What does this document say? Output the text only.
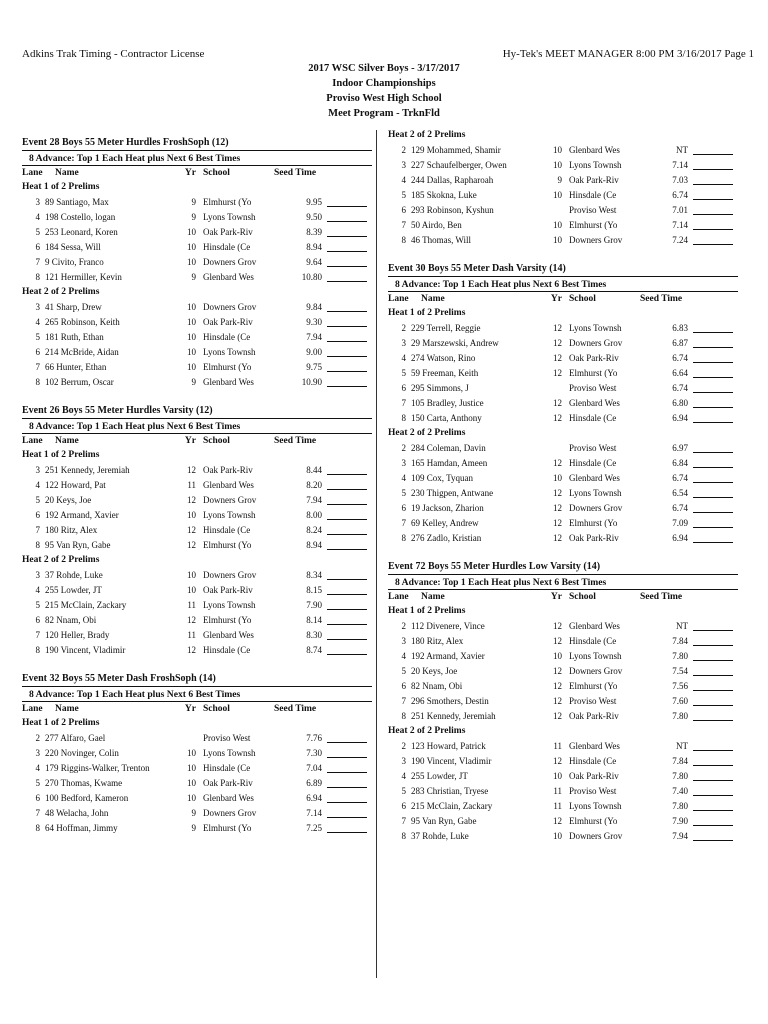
Adkins Trak Timing - Contractor License	Hy-Tek's MEET MANAGER 8:00 PM 3/16/2017 Page 1
2017 WSC Silver Boys - 3/17/2017
Indoor Championships
Proviso West High School
Meet Program - TrknFld
Event 28 Boys 55 Meter Hurdles FroshSoph (12)
8 Advance: Top 1 Each Heat plus Next 6 Best Times
Lane Name	Yr School	Seed Time
Heat 1 of 2 Prelims
3 89 Santiago, Max	9 Elmhurst (Yo	9.95
4 198 Costello, logan	9 Lyons Townsh	9.50
5 253 Leonard, Koren	10 Oak Park-Riv	8.39
6 184 Sessa, Will	10 Hinsdale (Ce	8.94
7 9 Civito, Franco	10 Downers Grov	9.64
8 121 Hermiller, Kevin	9 Glenbard Wes	10.80
Heat 2 of 2 Prelims
3 41 Sharp, Drew	10 Downers Grov	9.84
4 265 Robinson, Keith	10 Oak Park-Riv	9.30
5 181 Ruth, Ethan	10 Hinsdale (Ce	7.94
6 214 McBride, Aidan	10 Lyons Townsh	9.00
7 66 Hunter, Ethan	10 Elmhurst (Yo	9.75
8 102 Berrum, Oscar	9 Glenbard Wes	10.90
Event 26 Boys 55 Meter Hurdles Varsity (12)
8 Advance: Top 1 Each Heat plus Next 6 Best Times
Lane Name	Yr School	Seed Time
Heat 1 of 2 Prelims
3 251 Kennedy, Jeremiah	12 Oak Park-Riv	8.44
4 122 Howard, Pat	11 Glenbard Wes	8.20
5 20 Keys, Joe	12 Downers Grov	7.94
6 192 Armand, Xavier	10 Lyons Townsh	8.00
7 180 Ritz, Alex	12 Hinsdale (Ce	8.24
8 95 Van Ryn, Gabe	12 Elmhurst (Yo	8.94
Heat 2 of 2 Prelims
3 37 Rohde, Luke	10 Downers Grov	8.34
4 255 Lowder, JT	10 Oak Park-Riv	8.15
5 215 McClain, Zackary	11 Lyons Townsh	7.90
6 82 Nnam, Obi	12 Elmhurst (Yo	8.14
7 120 Heller, Brady	11 Glenbard Wes	8.30
8 190 Vincent, Vladimir	12 Hinsdale (Ce	8.74
Event 32 Boys 55 Meter Dash FroshSoph (14)
8 Advance: Top 1 Each Heat plus Next 6 Best Times
Lane Name	Yr School	Seed Time
Heat 1 of 2 Prelims
2 277 Alfaro, Gael	Proviso West	7.76
3 220 Novinger, Colin	10 Lyons Townsh	7.30
4 179 Riggins-Walker, Trenton	10 Hinsdale (Ce	7.04
5 270 Thomas, Kwame	10 Oak Park-Riv	6.89
6 100 Bedford, Kameron	10 Glenbard Wes	6.94
7 48 Welacha, John	9 Downers Grov	7.14
8 64 Hoffman, Jimmy	9 Elmhurst (Yo	7.25
Heat 2 of 2 Prelims
2 129 Mohammed, Shamir	10 Glenbard Wes	NT
3 227 Schaufelberger, Owen	10 Lyons Townsh	7.14
4 244 Dallas, Rapharoah	9 Oak Park-Riv	7.03
5 185 Skokna, Luke	10 Hinsdale (Ce	6.74
6 293 Robinson, Kyshun	Proviso West	7.01
7 50 Airdo, Ben	10 Elmhurst (Yo	7.14
8 46 Thomas, Will	10 Downers Grov	7.24
Event 30 Boys 55 Meter Dash Varsity (14)
8 Advance: Top 1 Each Heat plus Next 6 Best Times
Lane Name	Yr School	Seed Time
Heat 1 of 2 Prelims
2 229 Terrell, Reggie	12 Lyons Townsh	6.83
3 29 Marszewski, Andrew	12 Downers Grov	6.87
4 274 Watson, Rino	12 Oak Park-Riv	6.74
5 59 Freeman, Keith	12 Elmhurst (Yo	6.64
6 295 Simmons, J	Proviso West	6.74
7 105 Bradley, Justice	12 Glenbard Wes	6.80
8 150 Carta, Anthony	12 Hinsdale (Ce	6.94
Heat 2 of 2 Prelims
2 284 Coleman, Davin	Proviso West	6.97
3 165 Hamdan, Ameen	12 Hinsdale (Ce	6.84
4 109 Cox, Tyquan	10 Glenbard Wes	6.74
5 230 Thigpen, Antwane	12 Lyons Townsh	6.54
6 19 Jackson, Zharion	12 Downers Grov	6.74
7 69 Kelley, Andrew	12 Elmhurst (Yo	7.09
8 276 Zadlo, Kristian	12 Oak Park-Riv	6.94
Event 72 Boys 55 Meter Hurdles Low Varsity (14)
8 Advance: Top 1 Each Heat plus Next 6 Best Times
Lane Name	Yr School	Seed Time
Heat 1 of 2 Prelims
2 112 Divenere, Vince	12 Glenbard Wes	NT
3 180 Ritz, Alex	12 Hinsdale (Ce	7.84
4 192 Armand, Xavier	10 Lyons Townsh	7.80
5 20 Keys, Joe	12 Downers Grov	7.54
6 82 Nnam, Obi	12 Elmhurst (Yo	7.56
7 296 Smothers, Destin	12 Proviso West	7.60
8 251 Kennedy, Jeremiah	12 Oak Park-Riv	7.80
Heat 2 of 2 Prelims
2 123 Howard, Patrick	11 Glenbard Wes	NT
3 190 Vincent, Vladimir	12 Hinsdale (Ce	7.84
4 255 Lowder, JT	10 Oak Park-Riv	7.80
5 283 Christian, Tryese	11 Proviso West	7.40
6 215 McClain, Zackary	11 Lyons Townsh	7.80
7 95 Van Ryn, Gabe	12 Elmhurst (Yo	7.90
8 37 Rohde, Luke	10 Downers Grov	7.94
